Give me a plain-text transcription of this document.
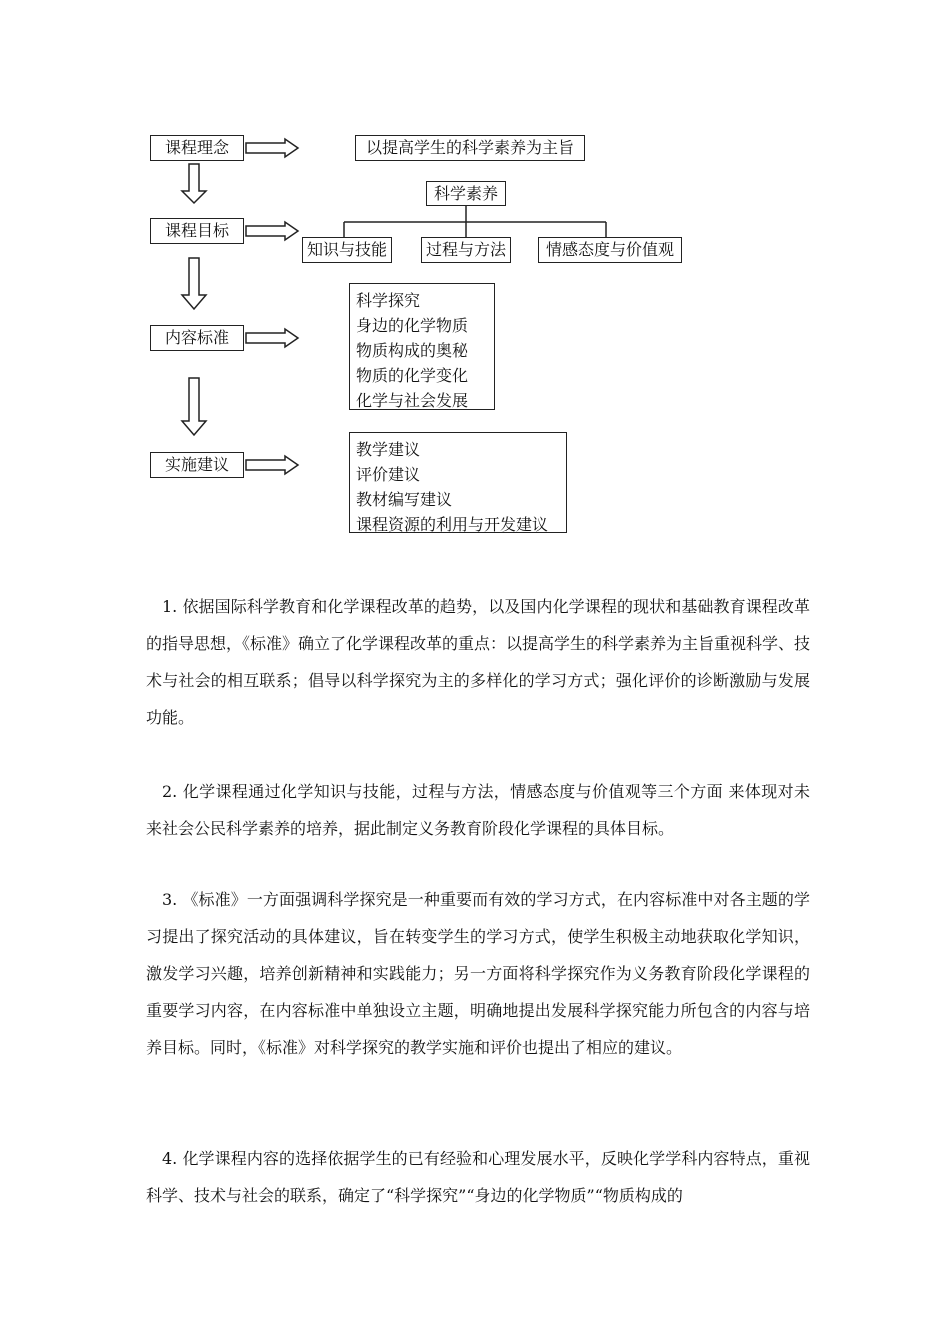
课程理念
课程目标
内容标准
实施建议
以提高学生的科学素养为主旨
科学素养
知识与技能	过程与方法	情感态度与价值观
科学探究
身边的化学物质
物质构成的奥秘
物质的化学变化
化学与社会发展
教学建议
评价建议
教材编写建议
课程资源的利用与开发建议

1. 依据国际科学教育和化学课程改革的趋势，以及国内化学课程的现状和基础教育课程改革的指导思想，《标准》确立了化学课程改革的重点：以提高学生的科学素养为主旨重视科学、技术与社会的相互联系；倡导以科学探究为主的多样化的学习方式；强化评价的诊断激励与发展功能。

2. 化学课程通过化学知识与技能，过程与方法，情感态度与价值观等三个方面 来体现对未来社会公民科学素养的培养，据此制定义务教育阶段化学课程的具体目标。

3. 《标准》一方面强调科学探究是一种重要而有效的学习方式，在内容标准中对各主题的学习提出了探究活动的具体建议，旨在转变学生的学习方式，使学生积极主动地获取化学知识，激发学习兴趣，培养创新精神和实践能力；另一方面将科学探究作为义务教育阶段化学课程的重要学习内容，在内容标准中单独设立主题，明确地提出发展科学探究能力所包含的内容与培养目标。同时，《标准》对科学探究的教学实施和评价也提出了相应的建议。

4. 化学课程内容的选择依据学生的已有经验和心理发展水平，反映化学学科内容特点，重视科学、技术与社会的联系，确定了“科学探究”“身边的化学物质”“物质构成的
